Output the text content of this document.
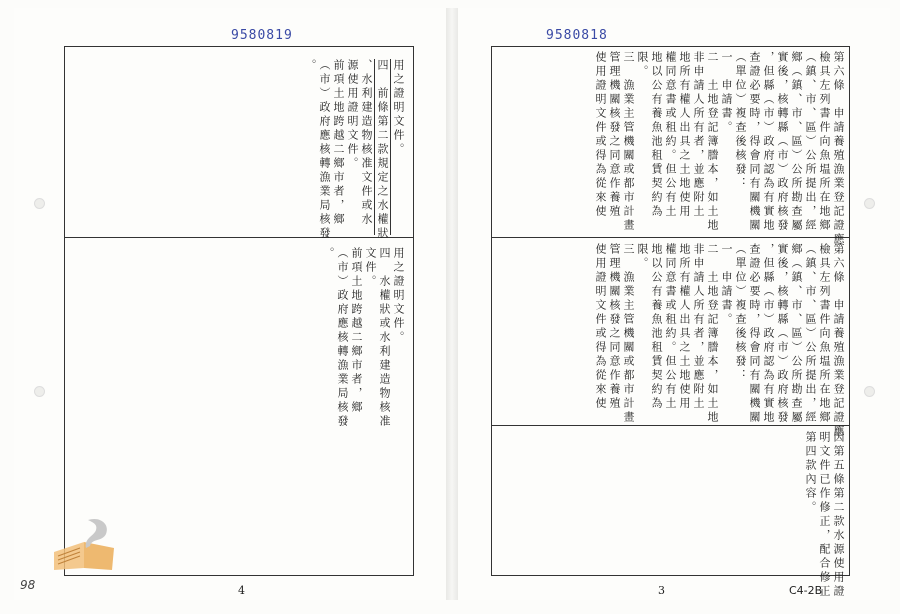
9580819	9580818
用之證明文件。
四　前條第二款規定之水權狀
、水利建造物核准文件或水
源使用證明文件。
前項土地跨越二鄉市者，鄉
（市）政府應核轉漁業局核發
。
用之證明文件。
四　水權狀或水利建造物核准
文件。
前項土地跨越二鄉市者，鄉
（市）政府應核轉漁業局核發
。
第六條　申請養殖漁業登記證應
檢具左列書件向魚塭所在地鄉
（鎮、市、區）公所提出，經
鄉（鎮、市、區）公所勘查屬
實後，核轉縣（市）政府核發
，但縣（市）政府認為有實地
查證必要時，得會同有關機關
（單位）複查後核發：
一　申請書。
二　土地登記簿謄本，如土地
非申請人所有者，並應附土
地所有權人出具之土地使用
權同意書或租約。但公有土
地以公有養魚池租賃契約為
限。
三　漁業主管機關或都市計畫
管理機關核發之同意作養殖
使用證明文件或得為從來使
第六條　申請養殖漁業登記證應
檢具左列書件向魚塭所在地鄉
（鎮、市、區）公所提出，經
鄉（鎮、市、區）公所勘查屬
實後，核轉縣（市）政府核發
，但縣（市）政府認為有實地
查證必要時，得會同有關機關
（單位）複查後核發：
一　申請書。
二　土地登記簿謄本，如土地
非申請人所有者，並應附土
地所有權人出具之土地使用
權同意書或租約。但公有土
地以公有養魚池租賃契約為
限。
三　漁業主管機關或都市計畫
管理機關核發之同意作養殖
使用證明文件或得為從來使
因第五條第二款水源使用證
明文件已作修正，配合修正
第四款內容。
98	4	3	C4-2B
